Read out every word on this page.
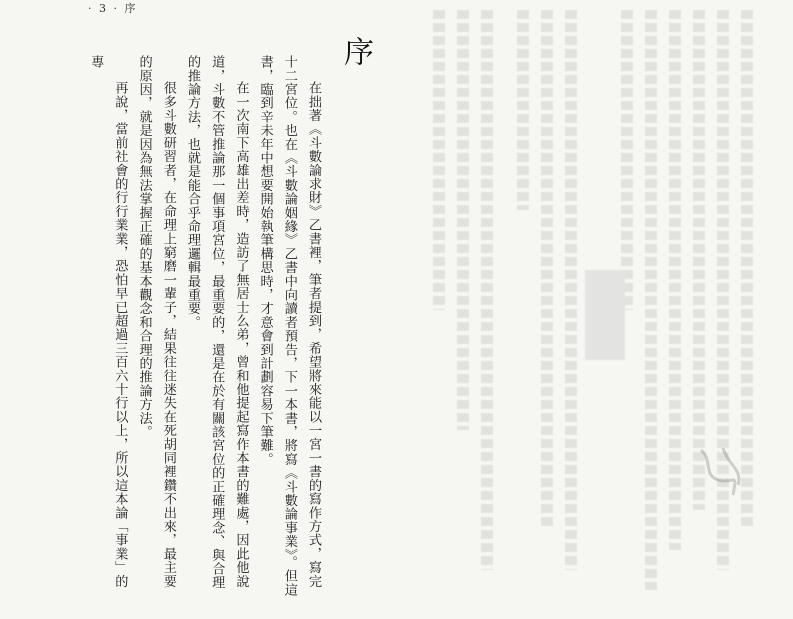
· 3 · 序
序

在拙著《斗數論求財》乙書裡，筆者提到，希望將來能以一宮一書的寫作方式，寫完十二宮位。也在《斗數論姻緣》乙書中向讀者預告，下一本書，將寫《斗數論事業》。但這書，臨到辛未年中想要開始執筆構思時，才意會到計劃容易下筆難。

在一次南下高雄出差時，造訪了無居士么弟，曾和他提起寫作本書的難處，因此他說道，斗數不管推論那一個事項宮位，最重要的，還是在於有關該宮位的正確理念、與合理的推論方法，也就是能合乎命理邏輯最重要。

很多斗數研習者，在命理上窮磨一輩子，結果往往迷失在死胡同裡鑽不出來，最主要的原因，就是因為無法掌握正確的基本觀念和合理的推論方法。

再說，當前社會的行行業業，恐怕早已超過三百六十行以上，所以這本論「事業」的專
